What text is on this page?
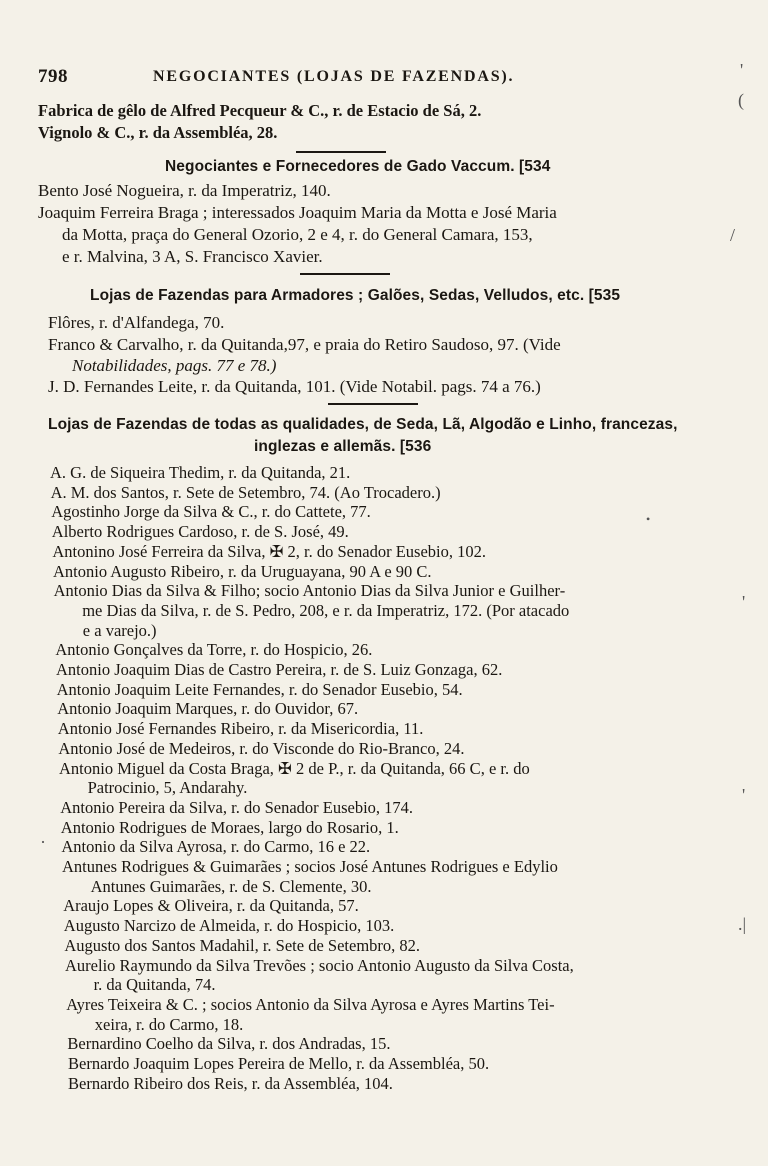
798	NEGOCIANTES (LOJAS DE FAZENDAS).
Fabrica de gêlo de Alfred Pecqueur & C., r. de Estacio de Sá, 2.
Vignolo & C., r. da Assembléa, 28.
Negociantes e Fornecedores de Gado Vaccum. [534
Bento José Nogueira, r. da Imperatriz, 140.
Joaquim Ferreira Braga ; interessados Joaquim Maria da Motta e José Maria
da Motta, praça do General Ozorio, 2 e 4, r. do General Camara, 153,
e r. Malvina, 3 A, S. Francisco Xavier.
Lojas de Fazendas para Armadores ; Galões, Sedas, Velludos, etc. [535
Flôres, r. d'Alfandega, 70.
Franco & Carvalho, r. da Quitanda,97, e praia do Retiro Saudoso, 97. (Vide
Notabilidades, pags. 77 e 78.)
J. D. Fernandes Leite, r. da Quitanda, 101. (Vide Notabil. pags. 74 a 76.)
Lojas de Fazendas de todas as qualidades, de Seda, Lã, Algodão e Linho, francezas,
inglezas e allemãs. [536
A. G. de Siqueira Thedim, r. da Quitanda, 21.
A. M. dos Santos, r. Sete de Setembro, 74. (Ao Trocadero.)
Agostinho Jorge da Silva & C., r. do Cattete, 77.
Alberto Rodrigues Cardoso, r. de S. José, 49.
Antonino José Ferreira da Silva, ✠ 2, r. do Senador Eusebio, 102.
Antonio Augusto Ribeiro, r. da Uruguayana, 90 A e 90 C.
Antonio Dias da Silva & Filho; socio Antonio Dias da Silva Junior e Guilher-
me Dias da Silva, r. de S. Pedro, 208, e r. da Imperatriz, 172. (Por atacado
e a varejo.)
Antonio Gonçalves da Torre, r. do Hospicio, 26.
Antonio Joaquim Dias de Castro Pereira, r. de S. Luiz Gonzaga, 62.
Antonio Joaquim Leite Fernandes, r. do Senador Eusebio, 54.
Antonio Joaquim Marques, r. do Ouvidor, 67.
Antonio José Fernandes Ribeiro, r. da Misericordia, 11.
Antonio José de Medeiros, r. do Visconde do Rio-Branco, 24.
Antonio Miguel da Costa Braga, ✠ 2 de P., r. da Quitanda, 66 C, e r. do
Patrocinio, 5, Andarahy.
Antonio Pereira da Silva, r. do Senador Eusebio, 174.
Antonio Rodrigues de Moraes, largo do Rosario, 1.
Antonio da Silva Ayrosa, r. do Carmo, 16 e 22.
Antunes Rodrigues & Guimarães ; socios José Antunes Rodrigues e Edylio
Antunes Guimarães, r. de S. Clemente, 30.
Araujo Lopes & Oliveira, r. da Quitanda, 57.
Augusto Narcizo de Almeida, r. do Hospicio, 103.
Augusto dos Santos Madahil, r. Sete de Setembro, 82.
Aurelio Raymundo da Silva Trevões ; socio Antonio Augusto da Silva Costa,
r. da Quitanda, 74.
Ayres Teixeira & C. ; socios Antonio da Silva Ayrosa e Ayres Martins Tei-
xeira, r. do Carmo, 18.
Bernardino Coelho da Silva, r. dos Andradas, 15.
Bernardo Joaquim Lopes Pereira de Mello, r. da Assembléa, 50.
Bernardo Ribeiro dos Reis, r. da Assembléa, 104.
'
(
/
•
'
'
·
.|
